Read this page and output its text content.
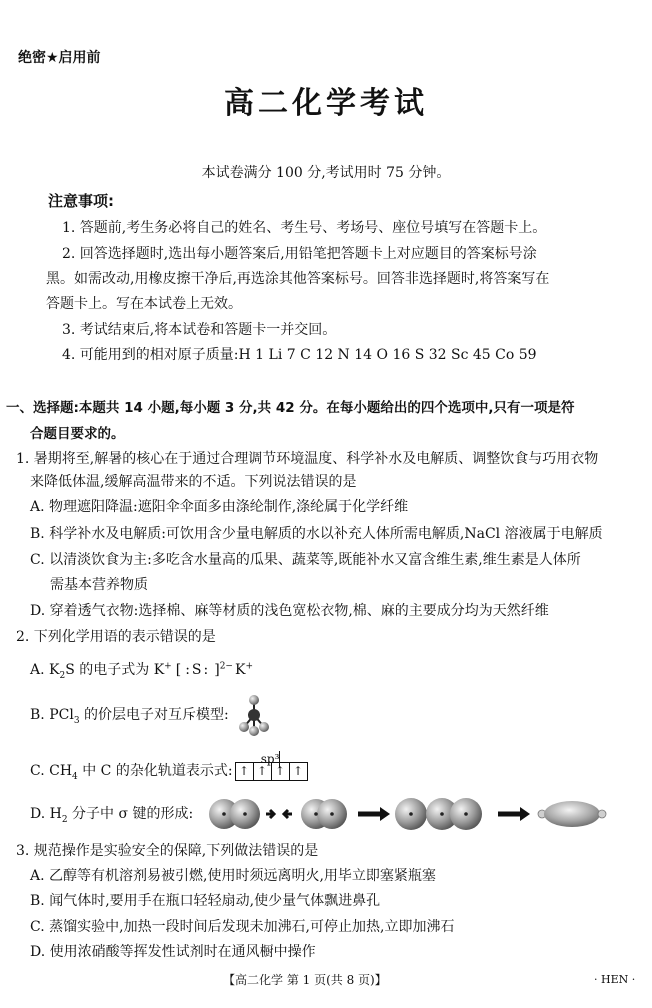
绝密★启用前
高二化学考试
本试卷满分 100 分,考试用时 75 分钟。
注意事项:
1. 答题前,考生务必将自己的姓名、考生号、考场号、座位号填写在答题卡上。
2. 回答选择题时,选出每小题答案后,用铅笔把答题卡上对应题目的答案标号涂
黑。如需改动,用橡皮擦干净后,再选涂其他答案标号。回答非选择题时,将答案写在
答题卡上。写在本试卷上无效。
3. 考试结束后,将本试卷和答题卡一并交回。
4. 可能用到的相对原子质量:H 1 Li 7 C 12 N 14 O 16 S 32 Sc 45 Co 59
一、选择题:本题共 14 小题,每小题 3 分,共 42 分。在每小题给出的四个选项中,只有一项是符
合题目要求的。
1. 暑期将至,解暑的核心在于通过合理调节环境温度、科学补水及电解质、调整饮食与巧用衣物
来降低体温,缓解高温带来的不适。下列说法错误的是
A. 物理遮阳降温:遮阳伞伞面多由涤纶制作,涤纶属于化学纤维
B. 科学补水及电解质:可饮用含少量电解质的水以补充人体所需电解质,NaCl 溶液属于电解质
C. 以清淡饮食为主:多吃含水量高的瓜果、蔬菜等,既能补水又富含维生素,维生素是人体所
需基本营养物质
D. 穿着透气衣物:选择棉、麻等材质的浅色宽松衣物,棉、麻的主要成分均为天然纤维
2. 下列化学用语的表示错误的是
A. $K_2S$ 的电子式为 K+ [ :S: ]$^{2-}$ K+
B. PCl$_3$ 的价层电子对互斥模型:
C. $CH_4$ 中 C 的杂化轨道表示式:
sp³
↑ ↑ ↑ ↑
D. $H_2$ 分子中 σ 键的形成:
3. 规范操作是实验安全的保障,下列做法错误的是
A. 乙醇等有机溶剂易被引燃,使用时须远离明火,用毕立即塞紧瓶塞
B. 闻气体时,要用手在瓶口轻轻扇动,使少量气体飘进鼻孔
C. 蒸馏实验中,加热一段时间后发现未加沸石,可停止加热,立即加沸石
D. 使用浓硝酸等挥发性试剂时在通风橱中操作
【高二化学 第 1 页(共 8 页)】	· HEN ·
